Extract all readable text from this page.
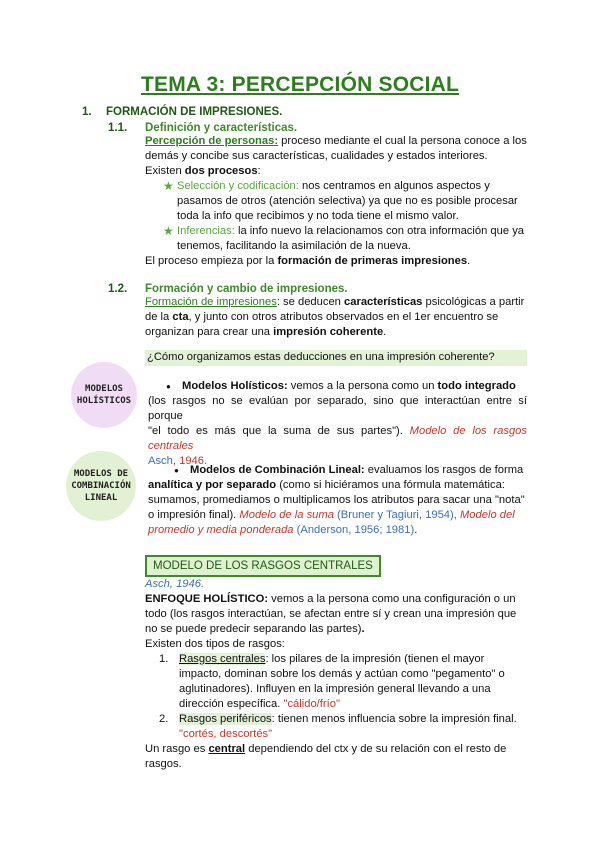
TEMA 3: PERCEPCIÓN SOCIAL
1. FORMACIÓN DE IMPRESIONES.
1.1. Definición y características.
Percepción de personas: proceso mediante el cual la persona conoce a los
demás y concibe sus características, cualidades y estados interiores.
Existen dos procesos:
★ Selección y codificación: nos centramos en algunos aspectos y
pasamos de otros (atención selectiva) ya que no es posible procesar
toda la info que recibimos y no toda tiene el mismo valor.
★ Inferencias: la info nuevo la relacionamos con otra información que ya
tenemos, facilitando la asimilación de la nueva.
El proceso empieza por la formación de primeras impresiones.
1.2. Formación y cambio de impresiones.
Formación de impresiones: se deducen características psicológicas a partir
de la cta, y junto con otros atributos observados en el 1er encuentro se
organizan para crear una impresión coherente.
¿Cómo organizamos estas deducciones en una impresión coherente?
MODELOS
HOLÍSTICOS
● Modelos Holísticos: vemos a la persona como un todo integrado
(los rasgos no se evalúan por separado, sino que interactúan entre sí porque
"el todo es más que la suma de sus partes"). Modelo de los rasgos centrales
Asch, 1946.
MODELOS DE
COMBINACIÓN
LINEAL
● Modelos de Combinación Lineal: evaluamos los rasgos de forma
analítica y por separado (como si hiciéramos una fórmula matemática:
sumamos, promediamos o multiplicamos los atributos para sacar una "nota"
o impresión final). Modelo de la suma (Bruner y Tagiuri, 1954), Modelo del
promedio y media ponderada (Anderson, 1956; 1981).
MODELO DE LOS RASGOS CENTRALES
Asch, 1946.
ENFOQUE HOLÍSTICO: vemos a la persona como una configuración o un
todo (los rasgos interactúan, se afectan entre sí y crean una impresión que
no se puede predecir separando las partes).
Existen dos tipos de rasgos:
1. Rasgos centrales: los pilares de la impresión (tienen el mayor
impacto, dominan sobre los demás y actúan como "pegamento" o
aglutinadores). Influyen en la impresión general llevando a una
dirección específica. "cálido/frío"
2. Rasgos periféricos: tienen menos influencia sobre la impresión final.
"cortés, descortés"
Un rasgo es central dependiendo del ctx y de su relación con el resto de
rasgos.
